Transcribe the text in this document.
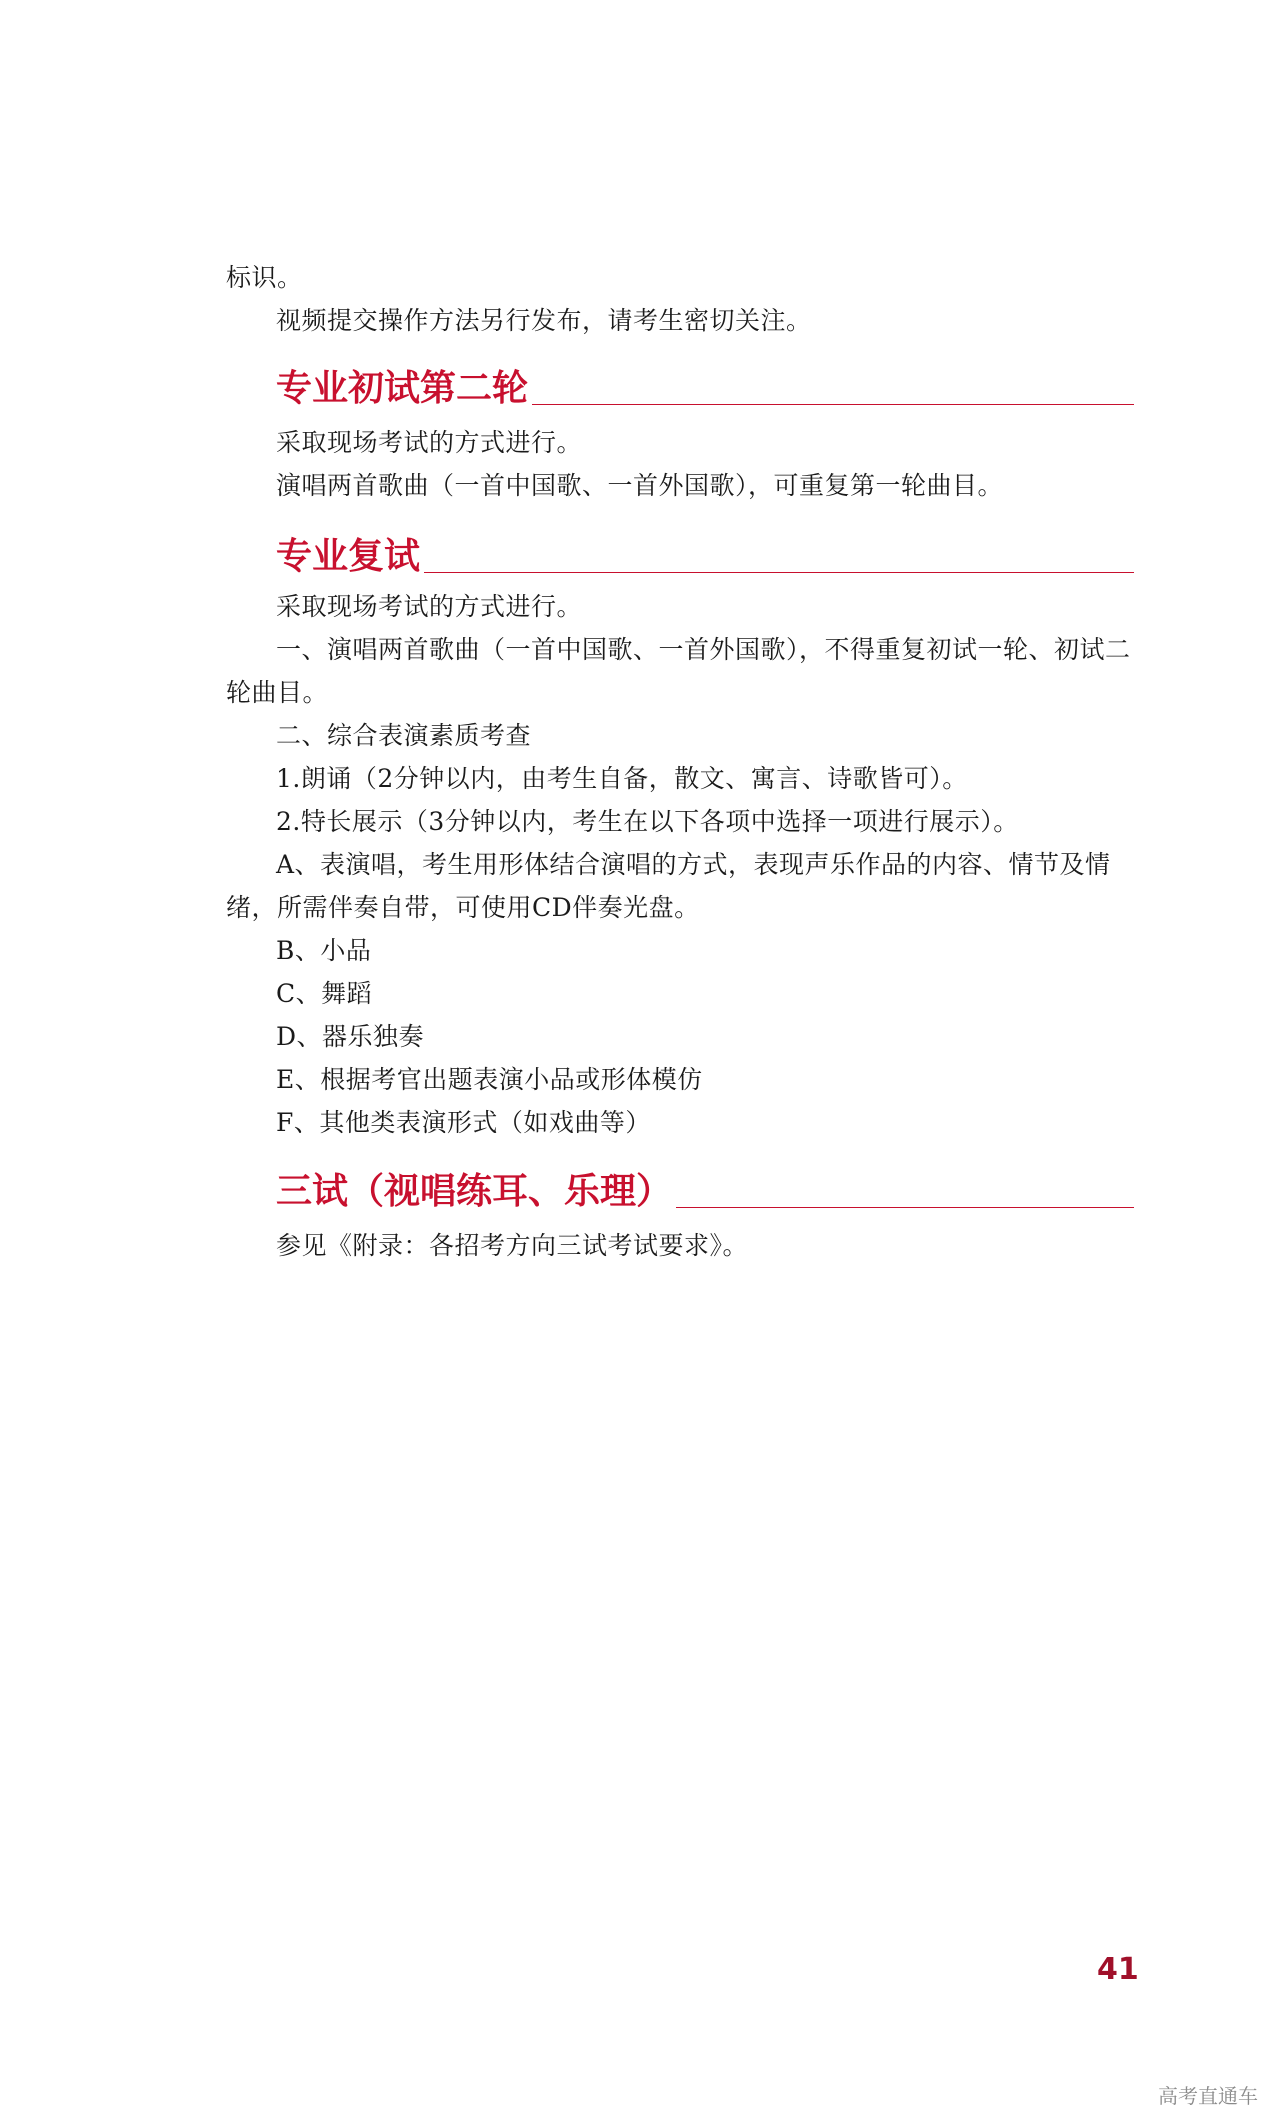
标识。

视频提交操作方法另行发布，请考生密切关注。

专业初试第二轮

采取现场考试的方式进行。

演唱两首歌曲（一首中国歌、一首外国歌），可重复第一轮曲目。

专业复试

采取现场考试的方式进行。

一、演唱两首歌曲（一首中国歌、一首外国歌），不得重复初试一轮、初试二轮曲目。

二、综合表演素质考查

1.朗诵（2分钟以内，由考生自备，散文、寓言、诗歌皆可）。

2.特长展示（3分钟以内，考生在以下各项中选择一项进行展示）。

A、表演唱，考生用形体结合演唱的方式，表现声乐作品的内容、情节及情绪，所需伴奏自带，可使用CD伴奏光盘。

B、小品

C、舞蹈

D、器乐独奏

E、根据考官出题表演小品或形体模仿

F、其他类表演形式（如戏曲等）

三试（视唱练耳、乐理）

参见《附录：各招考方向三试考试要求》。

41
高考直通车
